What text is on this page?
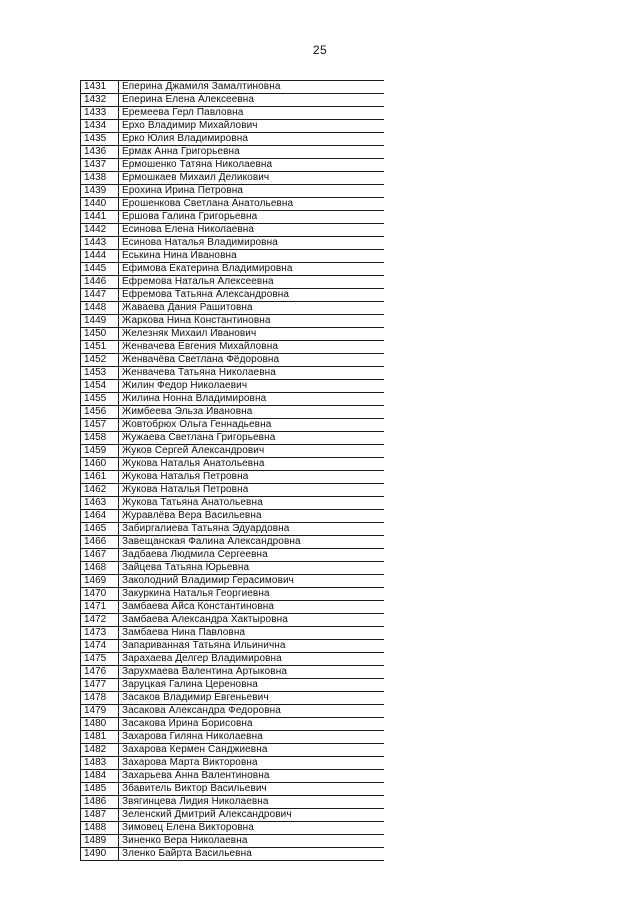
25
1431	Еперина Джамиля Замалтиновна
1432	Еперина Елена Алексеевна
1433	Еремеева Герл Павловна
1434	Ерхо Владимир Михайлович
1435	Ерко Юлия Владимировна
1436	Ермак Анна Григорьевна
1437	Ермошенко Татяна Николаевна
1438	Ермошкаев Михаил Деликович
1439	Ерохина Ирина Петровна
1440	Ерошенкова Светлана Анатольевна
1441	Ершова Галина Григорьевна
1442	Есинова Елена Николаевна
1443	Есинова Наталья Владимировна
1444	Еськина Нина Ивановна
1445	Ефимова Екатерина Владимировна
1446	Ефремова Наталья Алексеевна
1447	Ефремова Татьяна Александровна
1448	Жаваева Дания Рашитовна
1449	Жаркова Нина Константиновна
1450	Железняк Михаил Иванович
1451	Женвачева Евгения Михайловна
1452	Женвачёва Светлана Фёдоровна
1453	Женвачева Татьяна Николаевна
1454	Жилин Федор Николаевич
1455	Жилина Нонна Владимировна
1456	Жимбеева Эльза Ивановна
1457	Жовтобрюх Ольга Геннадьевна
1458	Жужаева Светлана Григорьевна
1459	Жуков Сергей Александрович
1460	Жукова Наталья Анатольевна
1461	Жукова Наталья Петровна
1462	Жукова Наталья Петровна
1463	Жукова Татьяна Анатольевна
1464	Журавлёва Вера Васильевна
1465	Забиргалиева Татьяна Эдуардовна
1466	Завещанская Фалина Александровна
1467	Задбаева Людмила Сергеевна
1468	Зайцева Татьяна Юрьевна
1469	Заколодний Владимир Герасимович
1470	Закуркина Наталья Георгиевна
1471	Замбаева Айса Константиновна
1472	Замбаева Александра Хактыровна
1473	Замбаева Нина Павловна
1474	Запариванная Татьяна Ильинична
1475	Зарахаева Делгер Владимировна
1476	Зарухмаева Валентина Артыковна
1477	Заруцкая Галина Цереновна
1478	Засаков Владимир Евгеньевич
1479	Засакова Александра Федоровна
1480	Засакова Ирина Борисовна
1481	Захарова Гиляна Николаевна
1482	Захарова Кермен Санджиевна
1483	Захарова Марта Викторовна
1484	Захарьева Анна Валентиновна
1485	Збавитель Виктор Васильевич
1486	Звягинцева Лидия Николаевна
1487	Зеленский Дмитрий Александрович
1488	Зимовец Елена Викторовна
1489	Зиненко Вера Николаевна
1490	Зленко Байрта Васильевна
